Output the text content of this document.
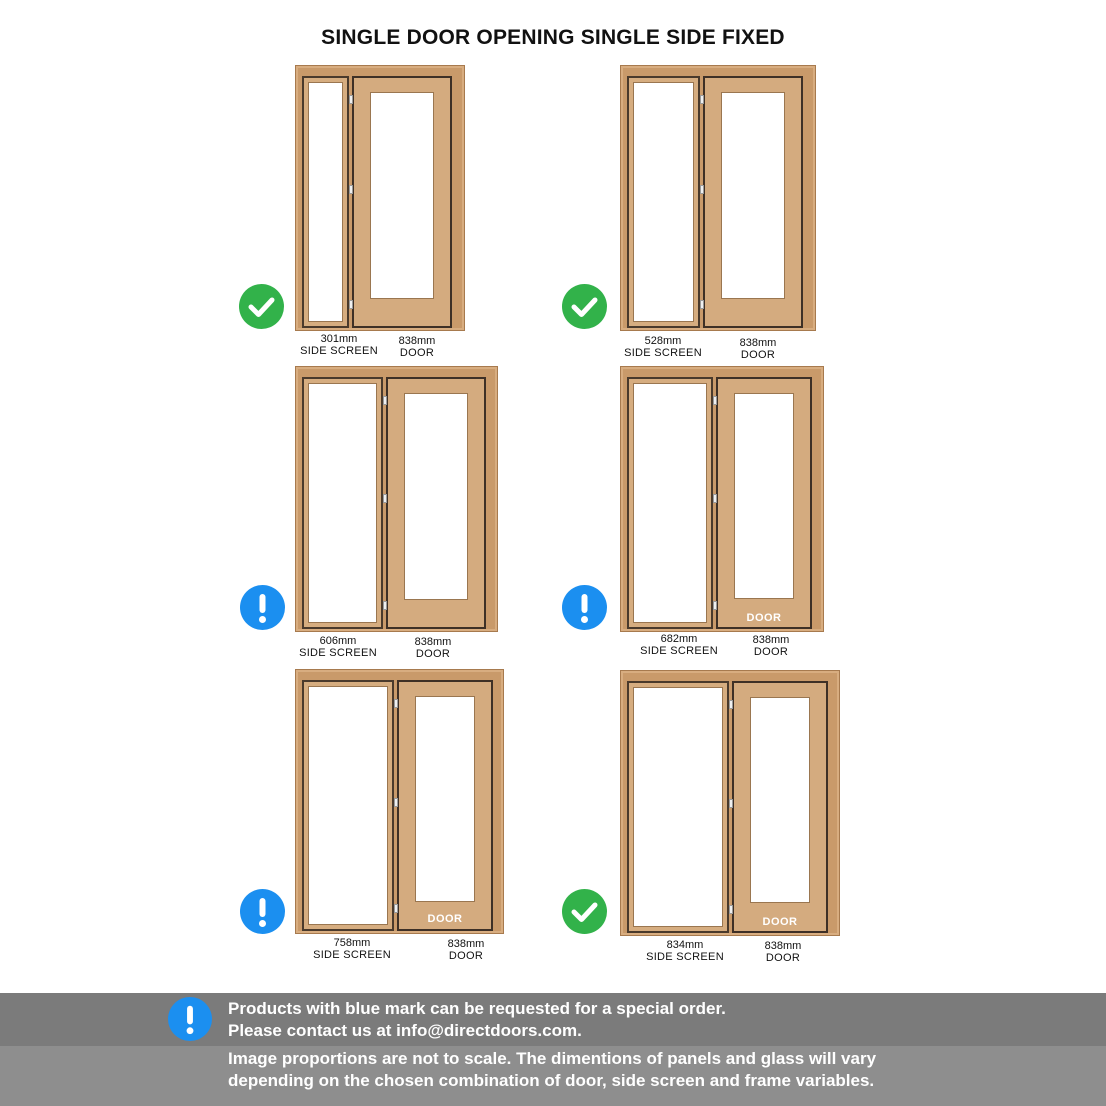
SINGLE DOOR OPENING SINGLE SIDE FIXED
301mm
SIDE SCREEN
838mm
DOOR
528mm
SIDE SCREEN
838mm
DOOR
606mm
SIDE SCREEN
838mm
DOOR
DOOR
682mm
SIDE SCREEN
838mm
DOOR
DOOR
758mm
SIDE SCREEN
838mm
DOOR
DOOR
834mm
SIDE SCREEN
838mm
DOOR
Products with blue mark can be requested for a special order.
Please contact us at info@directdoors.com.
Image proportions are not to scale. The dimentions of panels and glass will vary
depending on the chosen combination of door, side screen and frame variables.
